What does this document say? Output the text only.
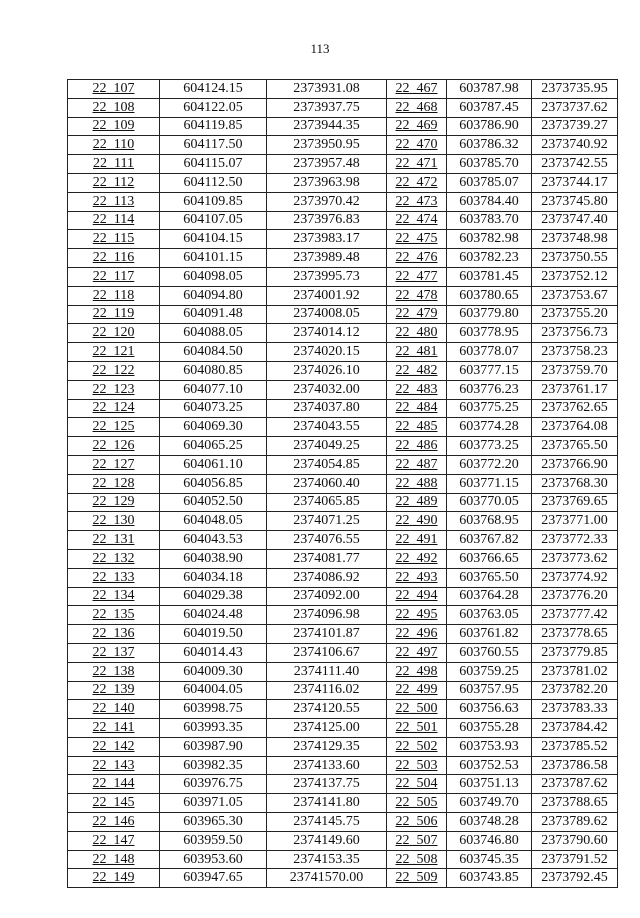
113
22_107	604124.15	2373931.08	22_467	603787.98	2373735.95
22_108	604122.05	2373937.75	22_468	603787.45	2373737.62
22_109	604119.85	2373944.35	22_469	603786.90	2373739.27
22_110	604117.50	2373950.95	22_470	603786.32	2373740.92
22_111	604115.07	2373957.48	22_471	603785.70	2373742.55
22_112	604112.50	2373963.98	22_472	603785.07	2373744.17
22_113	604109.85	2373970.42	22_473	603784.40	2373745.80
22_114	604107.05	2373976.83	22_474	603783.70	2373747.40
22_115	604104.15	2373983.17	22_475	603782.98	2373748.98
22_116	604101.15	2373989.48	22_476	603782.23	2373750.55
22_117	604098.05	2373995.73	22_477	603781.45	2373752.12
22_118	604094.80	2374001.92	22_478	603780.65	2373753.67
22_119	604091.48	2374008.05	22_479	603779.80	2373755.20
22_120	604088.05	2374014.12	22_480	603778.95	2373756.73
22_121	604084.50	2374020.15	22_481	603778.07	2373758.23
22_122	604080.85	2374026.10	22_482	603777.15	2373759.70
22_123	604077.10	2374032.00	22_483	603776.23	2373761.17
22_124	604073.25	2374037.80	22_484	603775.25	2373762.65
22_125	604069.30	2374043.55	22_485	603774.28	2373764.08
22_126	604065.25	2374049.25	22_486	603773.25	2373765.50
22_127	604061.10	2374054.85	22_487	603772.20	2373766.90
22_128	604056.85	2374060.40	22_488	603771.15	2373768.30
22_129	604052.50	2374065.85	22_489	603770.05	2373769.65
22_130	604048.05	2374071.25	22_490	603768.95	2373771.00
22_131	604043.53	2374076.55	22_491	603767.82	2373772.33
22_132	604038.90	2374081.77	22_492	603766.65	2373773.62
22_133	604034.18	2374086.92	22_493	603765.50	2373774.92
22_134	604029.38	2374092.00	22_494	603764.28	2373776.20
22_135	604024.48	2374096.98	22_495	603763.05	2373777.42
22_136	604019.50	2374101.87	22_496	603761.82	2373778.65
22_137	604014.43	2374106.67	22_497	603760.55	2373779.85
22_138	604009.30	2374111.40	22_498	603759.25	2373781.02
22_139	604004.05	2374116.02	22_499	603757.95	2373782.20
22_140	603998.75	2374120.55	22_500	603756.63	2373783.33
22_141	603993.35	2374125.00	22_501	603755.28	2373784.42
22_142	603987.90	2374129.35	22_502	603753.93	2373785.52
22_143	603982.35	2374133.60	22_503	603752.53	2373786.58
22_144	603976.75	2374137.75	22_504	603751.13	2373787.62
22_145	603971.05	2374141.80	22_505	603749.70	2373788.65
22_146	603965.30	2374145.75	22_506	603748.28	2373789.62
22_147	603959.50	2374149.60	22_507	603746.80	2373790.60
22_148	603953.60	2374153.35	22_508	603745.35	2373791.52
22_149	603947.65	23741570.00	22_509	603743.85	2373792.45
